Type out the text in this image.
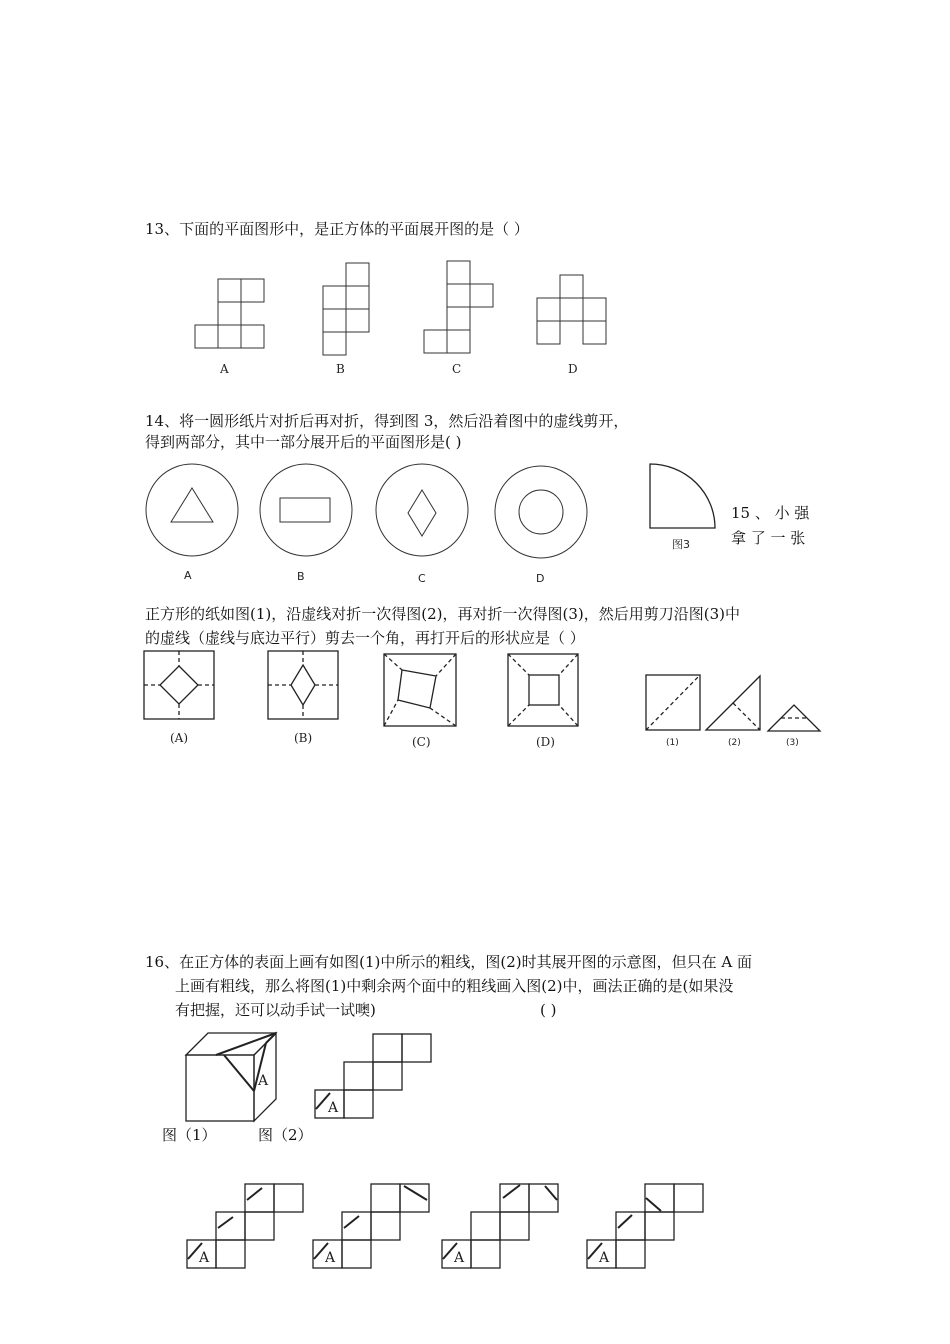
13、下面的平面图形中，是正方体的平面展开图的是（ ）
A	B	C	D
14、将一圆形纸片对折后再对折，得到图 3，然后沿着图中的虚线剪开，
得到两部分，其中一部分展开后的平面图形是( )
A	B	C	D
图3
15 、 小 强
拿 了 一 张
正方形的纸如图(1)，沿虚线对折一次得图(2)，再对折一次得图(3)，然后用剪刀沿图(3)中
的虚线（虚线与底边平行）剪去一个角，再打开后的形状应是（ ）
(A)	(B)	(C)	(D)	(1)	(2)	(3)
16、在正方体的表面上画有如图(1)中所示的粗线，图(2)时其展开图的示意图，但只在 A 面
上画有粗线，那么将图(1)中剩余两个面中的粗线画入图(2)中，画法正确的是(如果没
有把握，还可以动手试一试噢)	( )
A
A
图（1）	图（2）
A	A	A	A
